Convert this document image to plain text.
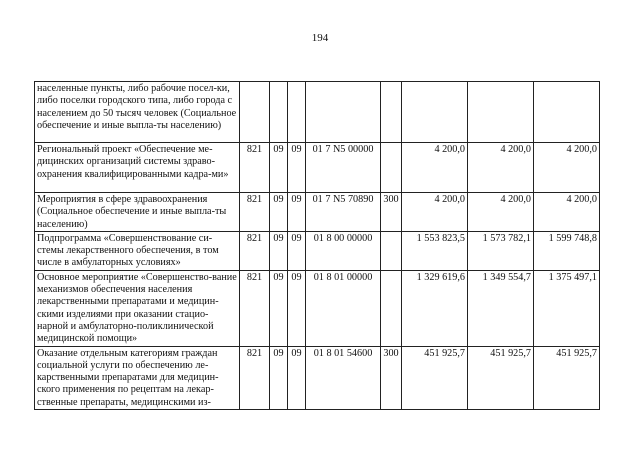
194
населенные пункты, либо рабочие посел-ки, либо поселки городского типа, либо города с населением до 50 тысяч человек (Социальное обеспечение и иные выпла-ты населению)								
Региональный проект «Обеспечение ме-дицинских организаций системы здраво-охранения квалифицированными кадра-ми»	821	09	09	01 7 N5 00000		4 200,0	4 200,0	4 200,0
Мероприятия в сфере здравоохранения (Социальное обеспечение и иные выпла-ты населению)	821	09	09	01 7 N5 70890	300	4 200,0	4 200,0	4 200,0
Подпрограмма «Совершенствование си-стемы лекарственного обеспечения, в том числе в амбулаторных условиях»	821	09	09	01 8 00 00000		1 553 823,5	1 573 782,1	1 599 748,8
Основное мероприятие «Совершенство-вание механизмов обеспечения населения лекарственными препаратами и медицин-скими изделиями при оказании стацио-нарной и амбулаторно-поликлинической медицинской помощи»	821	09	09	01 8 01 00000		1 329 619,6	1 349 554,7	1 375 497,1
Оказание отдельным категориям граждан социальной услуги по обеспечению ле-карственными препаратами для медицин-ского применения по рецептам на лекар-ственные препараты, медицинскими из-	821	09	09	01 8 01 54600	300	451 925,7	451 925,7	451 925,7
